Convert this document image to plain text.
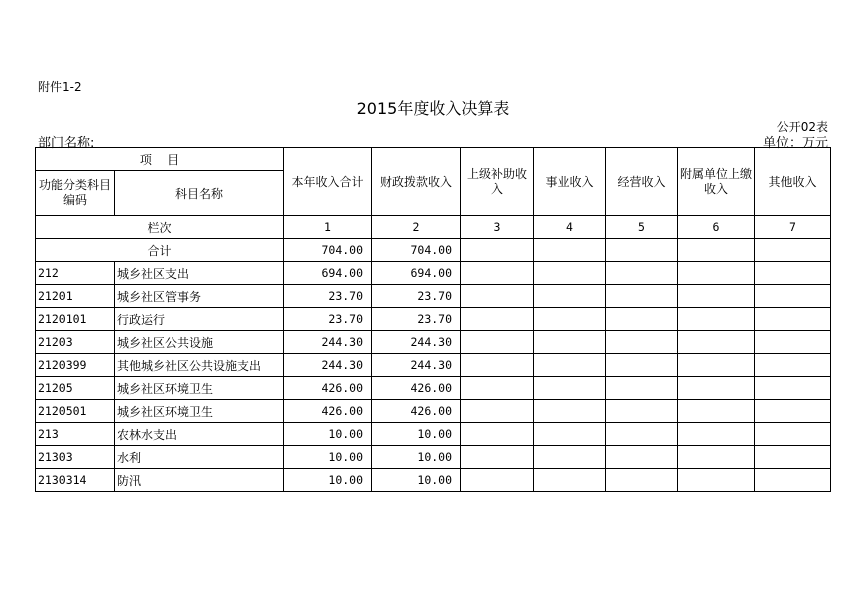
附件1-2
2015年度收入决算表
公开02表
部门名称:	单位：万元
项    目		本年收入合计	财政拨款收入	上级补助收入	事业收入	经营收入	附属单位上缴收入	其他收入
功能分类科目编码	科目名称							
栏次		1	2	3	4	5	6	7
合计		704.00	704.00					
212	城乡社区支出	694.00	694.00					
21201	城乡社区管事务	23.70	23.70					
2120101	行政运行	23.70	23.70					
21203	城乡社区公共设施	244.30	244.30					
2120399	其他城乡社区公共设施支出	244.30	244.30					
21205	城乡社区环境卫生	426.00	426.00					
2120501	城乡社区环境卫生	426.00	426.00					
213	农林水支出	10.00	10.00					
21303	水利	10.00	10.00					
2130314	防汛	10.00	10.00					
